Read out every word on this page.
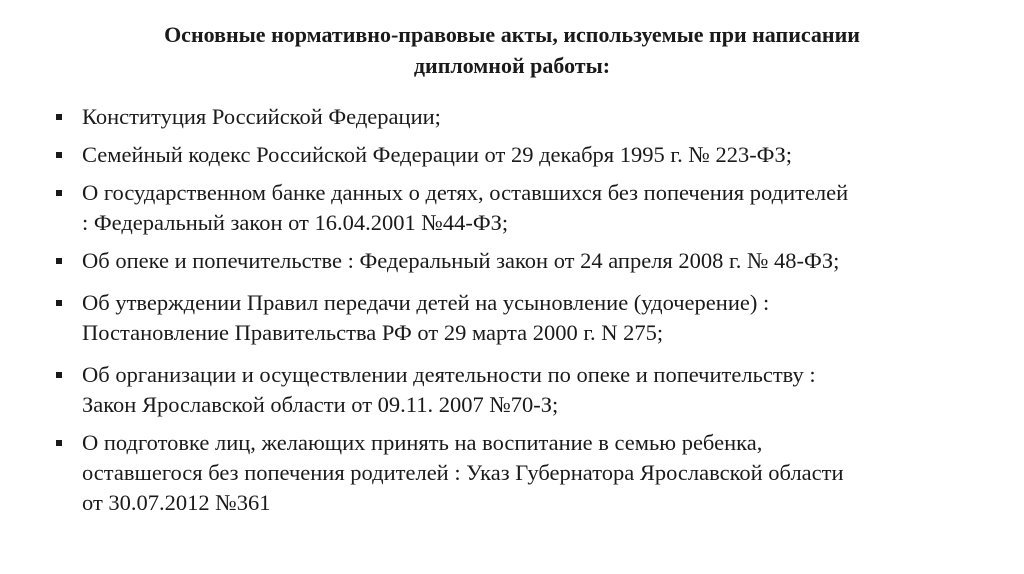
Основные нормативно-правовые акты, используемые при написании
дипломной работы:
Конституция Российской Федерации;
Семейный кодекс Российской Федерации от 29 декабря 1995 г. № 223-ФЗ;
О государственном банке данных о детях, оставшихся без попечения родителей
: Федеральный закон от 16.04.2001 №44-ФЗ;
Об опеке и попечительстве : Федеральный закон от 24 апреля 2008 г. № 48-ФЗ;
Об утверждении Правил передачи детей на усыновление (удочерение) :
Постановление Правительства РФ от 29 марта 2000 г. N 275;
Об организации и осуществлении деятельности по опеке и попечительству :
Закон Ярославской области от 09.11. 2007 №70-З;
О подготовке лиц, желающих принять на воспитание в семью ребенка,
оставшегося без попечения родителей : Указ Губернатора Ярославской области
от 30.07.2012 №361
